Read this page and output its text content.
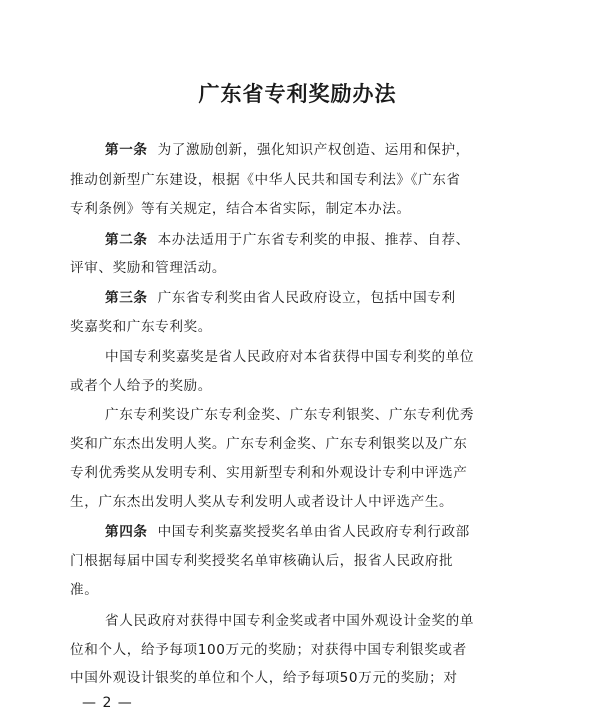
广东省专利奖励办法
第一条 为了激励创新，强化知识产权创造、运用和保护，
推动创新型广东建设，根据《中华人民共和国专利法》《广东省
专利条例》等有关规定，结合本省实际，制定本办法。
第二条 本办法适用于广东省专利奖的申报、推荐、自荐、
评审、奖励和管理活动。
第三条 广东省专利奖由省人民政府设立，包括中国专利
奖嘉奖和广东专利奖。
中国专利奖嘉奖是省人民政府对本省获得中国专利奖的单位
或者个人给予的奖励。
广东专利奖设广东专利金奖、广东专利银奖、广东专利优秀
奖和广东杰出发明人奖。广东专利金奖、广东专利银奖以及广东
专利优秀奖从发明专利、实用新型专利和外观设计专利中评选产
生，广东杰出发明人奖从专利发明人或者设计人中评选产生。
第四条 中国专利奖嘉奖授奖名单由省人民政府专利行政部
门根据每届中国专利奖授奖名单审核确认后，报省人民政府批
准。
省人民政府对获得中国专利金奖或者中国外观设计金奖的单
位和个人，给予每项100万元的奖励；对获得中国专利银奖或者
中国外观设计银奖的单位和个人，给予每项50万元的奖励；对
— 2 —
